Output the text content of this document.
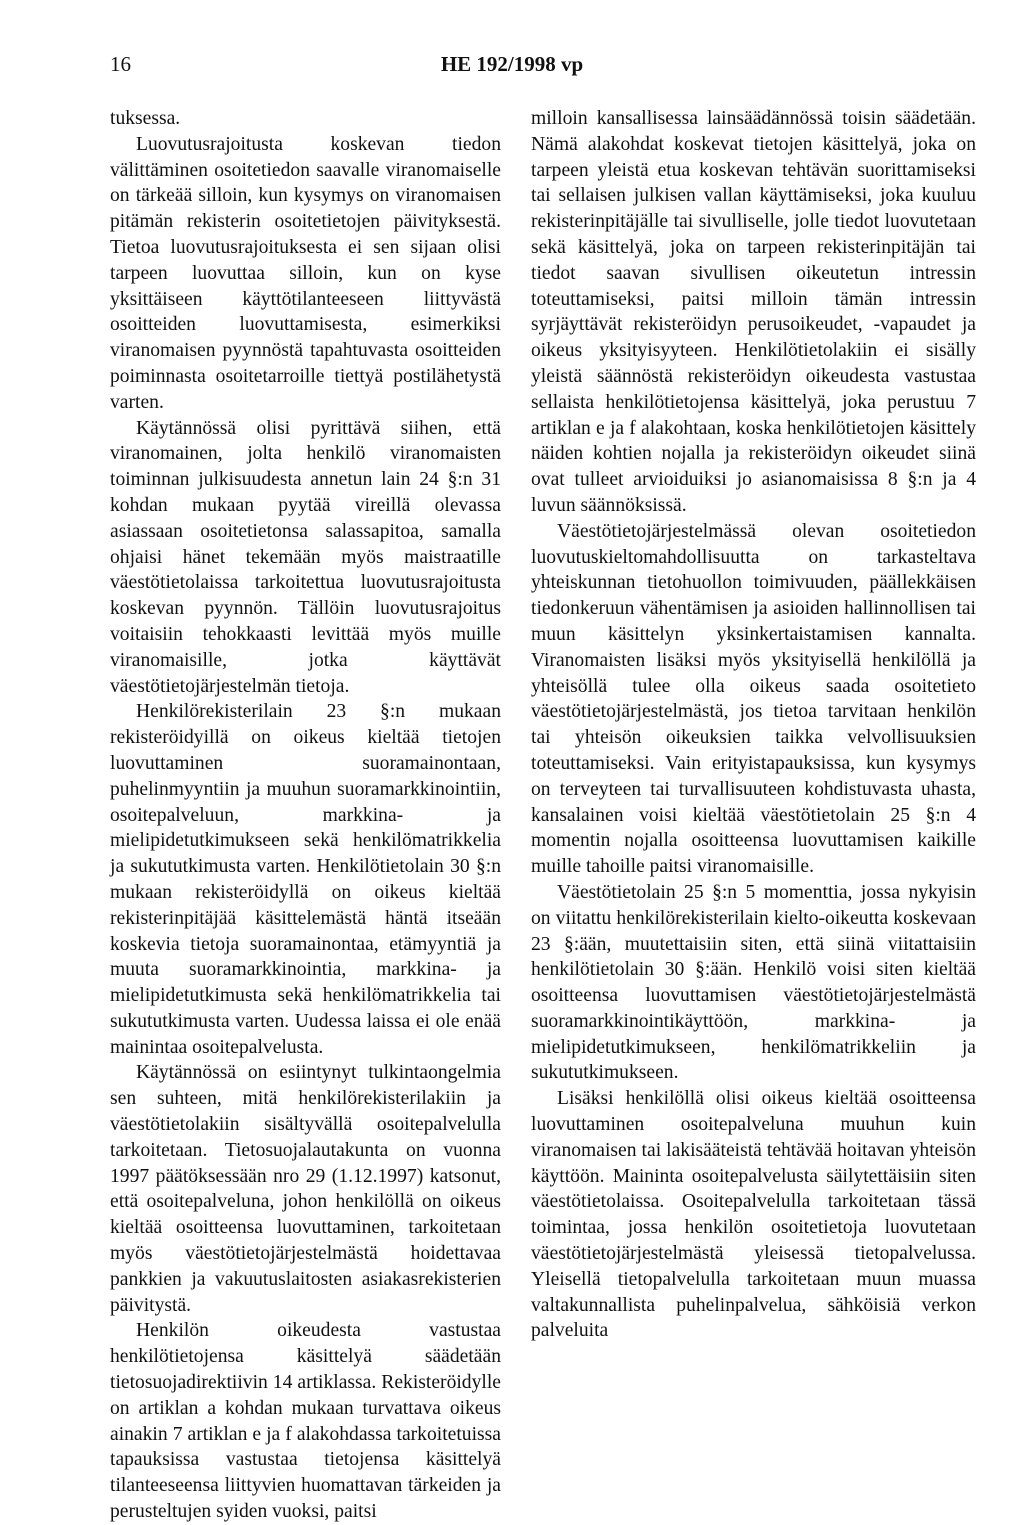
16	HE 192/1998 vp

tuksessa.

Luovutusrajoitusta koskevan tiedon välittäminen osoitetiedon saavalle viranomaiselle on tärkeää silloin, kun kysymys on viranomaisen pitämän rekisterin osoitetietojen päivityksestä. Tietoa luovutusrajoituksesta ei sen sijaan olisi tarpeen luovuttaa silloin, kun on kyse yksittäiseen käyttötilanteeseen liittyvästä osoitteiden luovuttamisesta, esimerkiksi viranomaisen pyynnöstä tapahtuvasta osoitteiden poiminnasta osoitetarroille tiettyä postilähetystä varten.

Käytännössä olisi pyrittävä siihen, että viranomainen, jolta henkilö viranomaisten toiminnan julkisuudesta annetun lain 24 §:n 31 kohdan mukaan pyytää vireillä olevassa asiassaan osoitetietonsa salassapitoa, samalla ohjaisi hänet tekemään myös maistraatille väestötietolaissa tarkoitettua luovutusrajoitusta koskevan pyynnön. Tällöin luovutusrajoitus voitaisiin tehokkaasti levittää myös muille viranomaisille, jotka käyttävät väestötietojärjestelmän tietoja.

Henkilörekisterilain 23 §:n mukaan rekisteröidyillä on oikeus kieltää tietojen luovuttaminen suoramainontaan, puhelinmyyntiin ja muuhun suoramarkkinointiin, osoitepalveluun, markkina- ja mielipidetutkimukseen sekä henkilömatrikkelia ja sukututkimusta varten. Henkilötietolain 30 §:n mukaan rekisteröidyllä on oikeus kieltää rekisterinpitäjää käsittelemästä häntä itseään koskevia tietoja suoramainontaa, etämyyntiä ja muuta suoramarkkinointia, markkina- ja mielipidetutkimusta sekä henkilömatrikkelia tai sukututkimusta varten. Uudessa laissa ei ole enää mainintaa osoitepalvelusta.

Käytännössä on esiintynyt tulkintaongelmia sen suhteen, mitä henkilörekisterilakiin ja väestötietolakiin sisältyvällä osoitepalvelulla tarkoitetaan. Tietosuojalautakunta on vuonna 1997 päätöksessään nro 29 (1.12.1997) katsonut, että osoitepalveluna, johon henkilöllä on oikeus kieltää osoitteensa luovuttaminen, tarkoitetaan myös väestötietojärjestelmästä hoidettavaa pankkien ja vakuutuslaitosten asiakasrekisterien päivitystä.

Henkilön oikeudesta vastustaa henkilötietojensa käsittelyä säädetään tietosuojadirektiivin 14 artiklassa. Rekisteröidylle on artiklan a kohdan mukaan turvattava oikeus ainakin 7 artiklan e ja f alakohdassa tarkoitetuissa tapauksissa vastustaa tietojensa käsittelyä tilanteeseensa liittyvien huomattavan tärkeiden ja perusteltujen syiden vuoksi, paitsi

milloin kansallisessa lainsäädännössä toisin säädetään. Nämä alakohdat koskevat tietojen käsittelyä, joka on tarpeen yleistä etua koskevan tehtävän suorittamiseksi tai sellaisen julkisen vallan käyttämiseksi, joka kuuluu rekisterinpitäjälle tai sivulliselle, jolle tiedot luovutetaan sekä käsittelyä, joka on tarpeen rekisterinpitäjän tai tiedot saavan sivullisen oikeutetun intressin toteuttamiseksi, paitsi milloin tämän intressin syrjäyttävät rekisteröidyn perusoikeudet, -vapaudet ja oikeus yksityisyyteen. Henkilötietolakiin ei sisälly yleistä säännöstä rekisteröidyn oikeudesta vastustaa sellaista henkilötietojensa käsittelyä, joka perustuu 7 artiklan e ja f alakohtaan, koska henkilötietojen käsittely näiden kohtien nojalla ja rekisteröidyn oikeudet siinä ovat tulleet arvioiduiksi jo asianomaisissa 8 §:n ja 4 luvun säännöksissä.

Väestötietojärjestelmässä olevan osoitetiedon luovutuskieltomahdollisuutta on tarkasteltava yhteiskunnan tietohuollon toimivuuden, päällekkäisen tiedonkeruun vähentämisen ja asioiden hallinnollisen tai muun käsittelyn yksinkertaistamisen kannalta. Viranomaisten lisäksi myös yksityisellä henkilöllä ja yhteisöllä tulee olla oikeus saada osoitetieto väestötietojärjestelmästä, jos tietoa tarvitaan henkilön tai yhteisön oikeuksien taikka velvollisuuksien toteuttamiseksi. Vain erityistapauksissa, kun kysymys on terveyteen tai turvallisuuteen kohdistuvasta uhasta, kansalainen voisi kieltää väestötietolain 25 §:n 4 momentin nojalla osoitteensa luovuttamisen kaikille muille tahoille paitsi viranomaisille.

Väestötietolain 25 §:n 5 momenttia, jossa nykyisin on viitattu henkilörekisterilain kielto-oikeutta koskevaan 23 §:ään, muutettaisiin siten, että siinä viitattaisiin henkilötietolain 30 §:ään. Henkilö voisi siten kieltää osoitteensa luovuttamisen väestötietojärjestelmästä suoramarkkinointikäyttöön, markkina- ja mielipidetutkimukseen, henkilömatrikkeliin ja sukututkimukseen.

Lisäksi henkilöllä olisi oikeus kieltää osoitteensa luovuttaminen osoitepalveluna muuhun kuin viranomaisen tai lakisääteistä tehtävää hoitavan yhteisön käyttöön. Maininta osoitepalvelusta säilytettäisiin siten väestötietolaissa. Osoitepalvelulla tarkoitetaan tässä toimintaa, jossa henkilön osoitetietoja luovutetaan väestötietojärjestelmästä yleisessä tietopalvelussa. Yleisellä tietopalvelulla tarkoitetaan muun muassa valtakunnallista puhelinpalvelua, sähköisiä verkon palveluita
